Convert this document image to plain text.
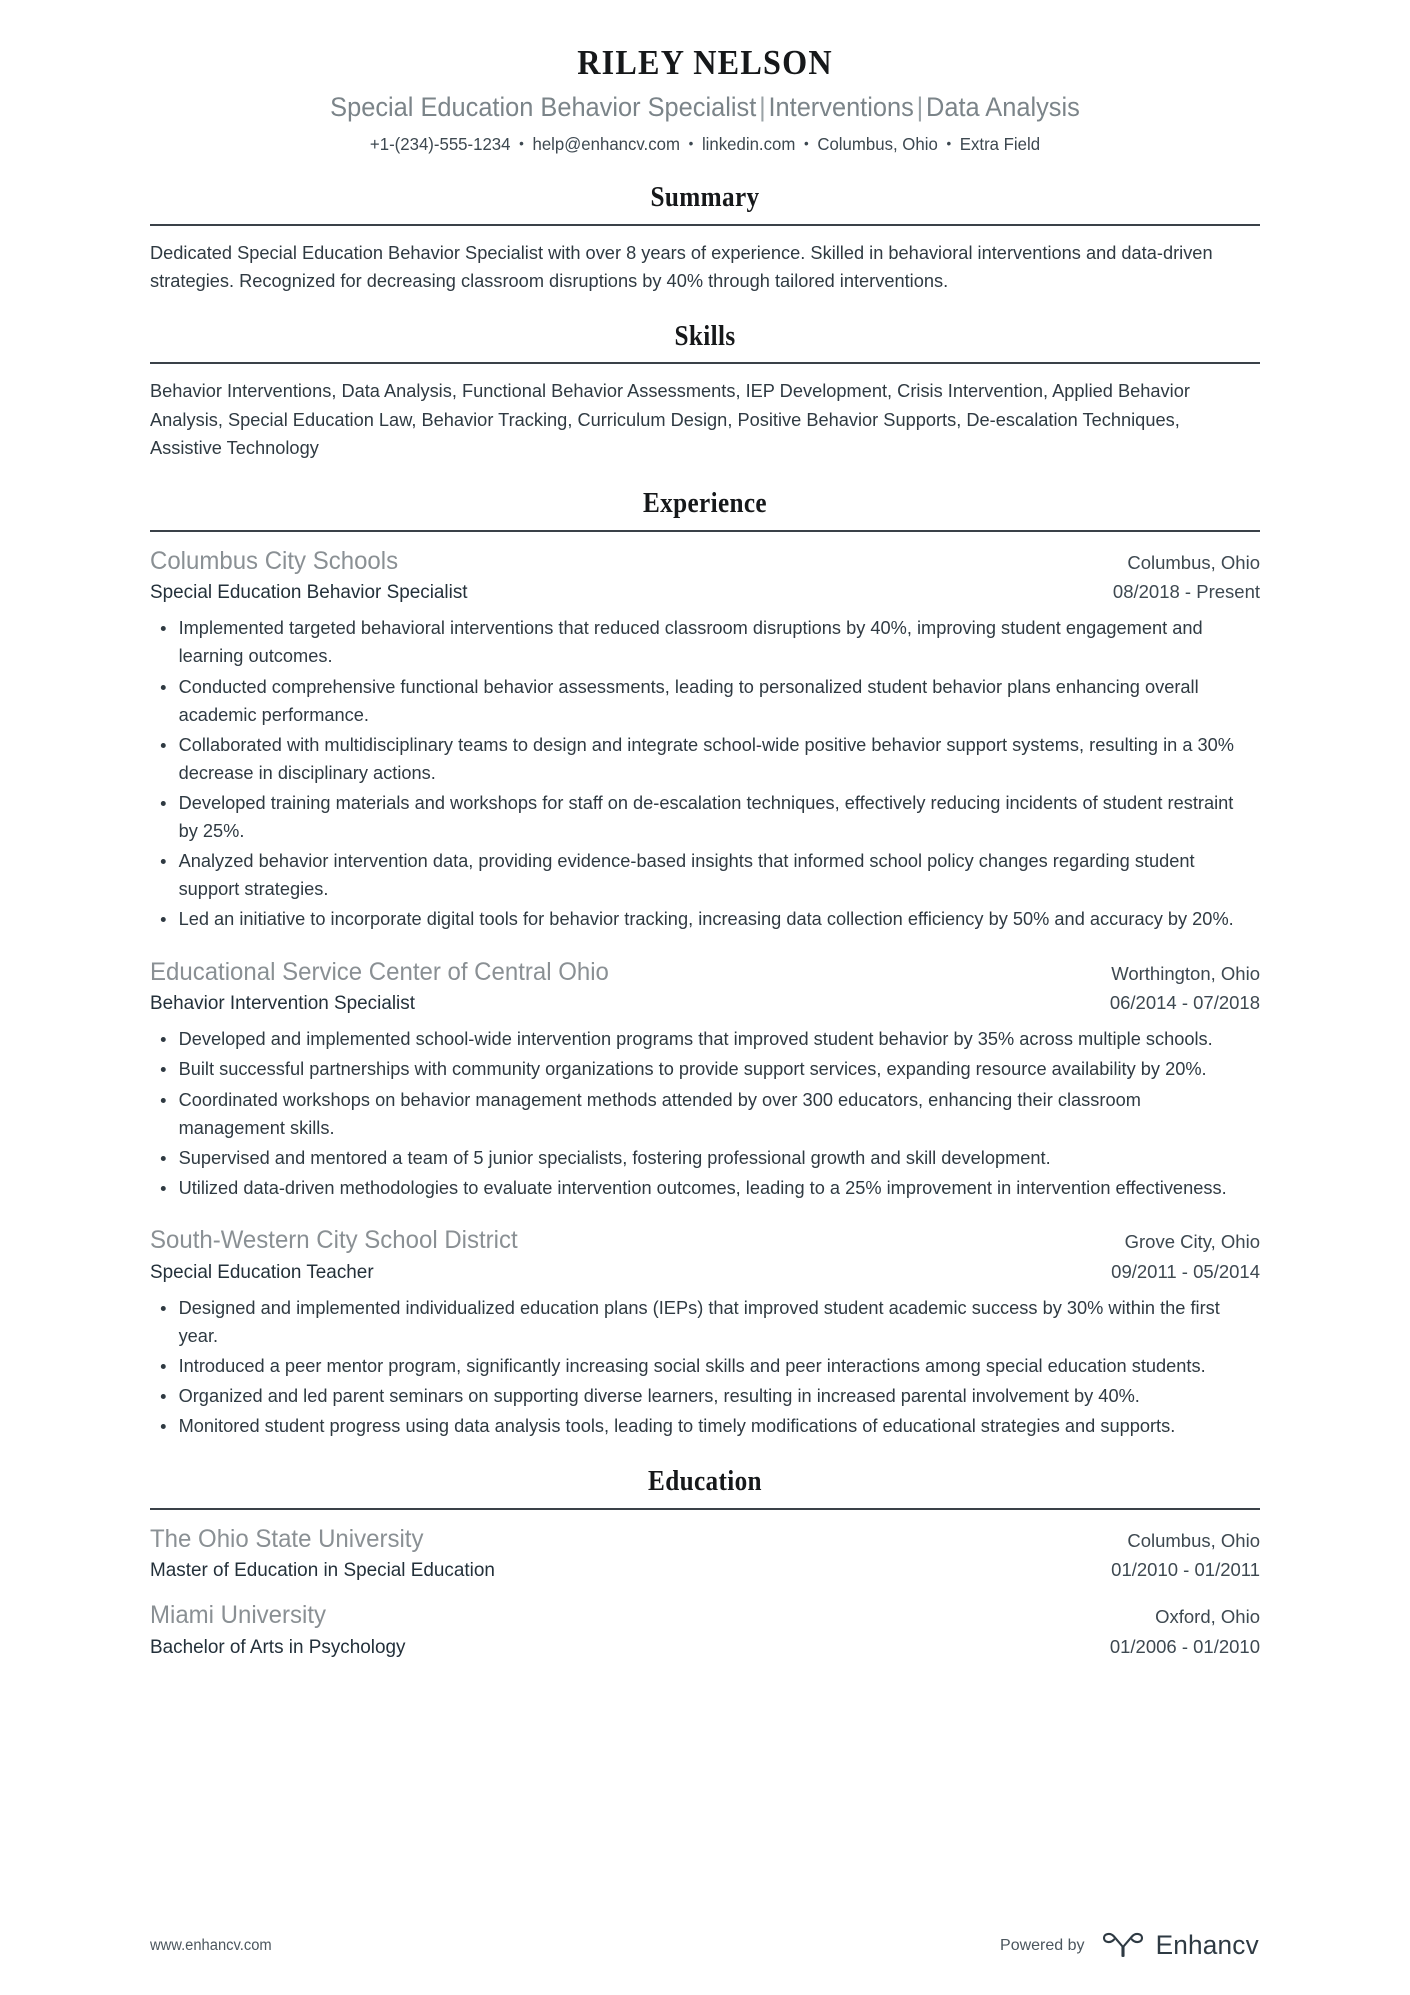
RILEY NELSON
Special Education Behavior Specialist | Interventions | Data Analysis
+1-(234)-555-1234 • help@enhancv.com • linkedin.com • Columbus, Ohio • Extra Field
Summary
Dedicated Special Education Behavior Specialist with over 8 years of experience. Skilled in behavioral interventions and data-driven strategies. Recognized for decreasing classroom disruptions by 40% through tailored interventions.
Skills
Behavior Interventions, Data Analysis, Functional Behavior Assessments, IEP Development, Crisis Intervention, Applied Behavior Analysis, Special Education Law, Behavior Tracking, Curriculum Design, Positive Behavior Supports, De-escalation Techniques, Assistive Technology
Experience
Columbus City Schools	Columbus, Ohio
Special Education Behavior Specialist	08/2018 - Present
Implemented targeted behavioral interventions that reduced classroom disruptions by 40%, improving student engagement and learning outcomes.
Conducted comprehensive functional behavior assessments, leading to personalized student behavior plans enhancing overall academic performance.
Collaborated with multidisciplinary teams to design and integrate school-wide positive behavior support systems, resulting in a 30% decrease in disciplinary actions.
Developed training materials and workshops for staff on de-escalation techniques, effectively reducing incidents of student restraint by 25%.
Analyzed behavior intervention data, providing evidence-based insights that informed school policy changes regarding student support strategies.
Led an initiative to incorporate digital tools for behavior tracking, increasing data collection efficiency by 50% and accuracy by 20%.
Educational Service Center of Central Ohio	Worthington, Ohio
Behavior Intervention Specialist	06/2014 - 07/2018
Developed and implemented school-wide intervention programs that improved student behavior by 35% across multiple schools.
Built successful partnerships with community organizations to provide support services, expanding resource availability by 20%.
Coordinated workshops on behavior management methods attended by over 300 educators, enhancing their classroom management skills.
Supervised and mentored a team of 5 junior specialists, fostering professional growth and skill development.
Utilized data-driven methodologies to evaluate intervention outcomes, leading to a 25% improvement in intervention effectiveness.
South-Western City School District	Grove City, Ohio
Special Education Teacher	09/2011 - 05/2014
Designed and implemented individualized education plans (IEPs) that improved student academic success by 30% within the first year.
Introduced a peer mentor program, significantly increasing social skills and peer interactions among special education students.
Organized and led parent seminars on supporting diverse learners, resulting in increased parental involvement by 40%.
Monitored student progress using data analysis tools, leading to timely modifications of educational strategies and supports.
Education
The Ohio State University	Columbus, Ohio
Master of Education in Special Education	01/2010 - 01/2011
Miami University	Oxford, Ohio
Bachelor of Arts in Psychology	01/2006 - 01/2010
www.enhancv.com	Powered by	Enhancv
